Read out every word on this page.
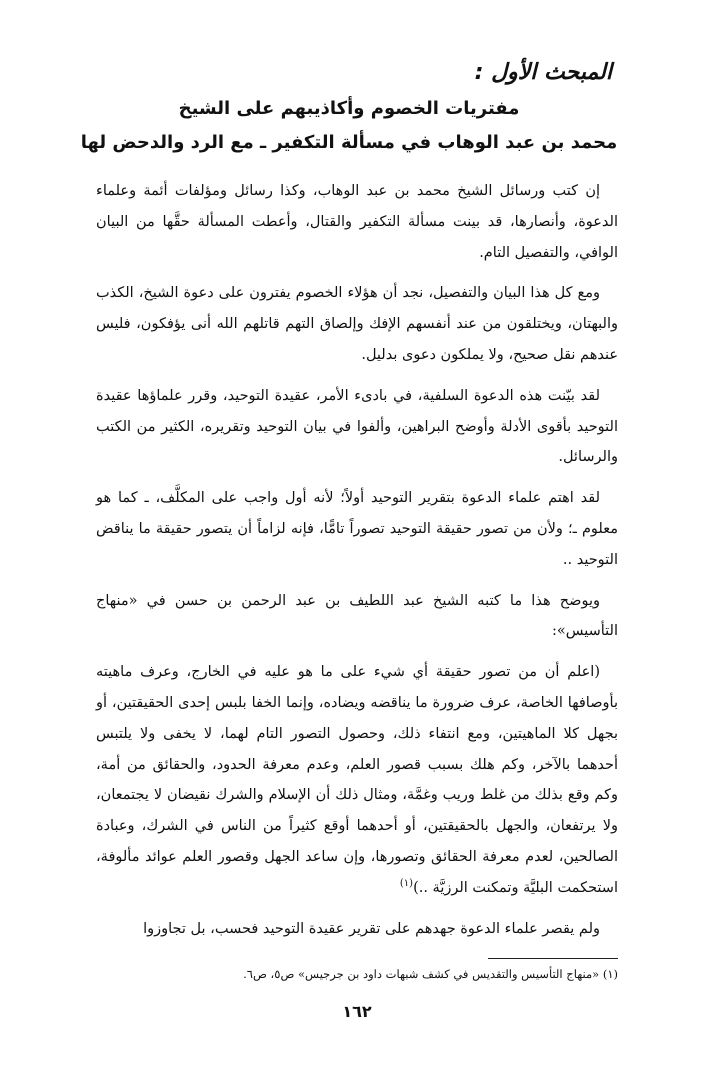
المبحث الأول :
مفتريات الخصوم وأكاذيبهم على الشيخ
محمد بن عبد الوهاب في مسألة التكفير ـ مع الرد والدحض لها

إن كتب ورسائل الشيخ محمد بن عبد الوهاب، وكذا رسائل ومؤلفات أئمة وعلماء الدعوة، وأنصارها، قد بينت مسألة التكفير والقتال، وأعطت المسألة حقَّها من البيان الوافي، والتفصيل التام.

ومع كل هذا البيان والتفصيل، نجد أن هؤلاء الخصوم يفترون على دعوة الشيخ، الكذب والبهتان، ويختلقون من عند أنفسهم الإفك وإلصاق التهم قاتلهم الله أنى يؤفكون، فليس عندهم نقل صحيح، ولا يملكون دعوى بدليل.

لقد بيّنت هذه الدعوة السلفية، في بادىء الأمر، عقيدة التوحيد، وقرر علماؤها عقيدة التوحيد بأقوى الأدلة وأوضح البراهين، وألفوا في بيان التوحيد وتقريره، الكثير من الكتب والرسائل.

لقد اهتم علماء الدعوة بتقرير التوحيد أولاً؛ لأنه أول واجب على المكلَّف، ـ كما هو معلوم ـ؛ ولأن من تصور حقيقة التوحيد تصوراً تامًّا، فإنه لزاماً أن يتصور حقيقة ما يناقض التوحيد ..

ويوضح هذا ما كتبه الشيخ عبد اللطيف بن عبد الرحمن بن حسن في «منهاج التأسيس»:

(اعلم أن من تصور حقيقة أي شيء على ما هو عليه في الخارج، وعرف ماهيته بأوصافها الخاصة، عرف ضرورة ما يناقضه ويضاده، وإنما الخفا بلبس إحدى الحقيقتين، أو بجهل كلا الماهيتين، ومع انتفاء ذلك، وحصول التصور التام لهما، لا يخفى ولا يلتبس أحدهما بالآخر، وكم هلك بسبب قصور العلم، وعدم معرفة الحدود، والحقائق من أمة، وكم وقع بذلك من غلط وريب وغمَّة، ومثال ذلك أن الإسلام والشرك نقيضان لا يجتمعان، ولا يرتفعان، والجهل بالحقيقتين، أو أحدهما أوقع كثيراً من الناس في الشرك، وعبادة الصالحين، لعدم معرفة الحقائق وتصورها، وإن ساعد الجهل وقصور العلم عوائد مألوفة، استحكمت البليَّة وتمكنت الرزيَّة ..)$^{(١)}$

ولم يقصر علماء الدعوة جهدهم على تقرير عقيدة التوحيد فحسب، بل تجاوزوا

(١) «منهاج التأسيس والتقديس في كشف شبهات داود بن جرجيس» ص٥، ص٦.
١٦٢
